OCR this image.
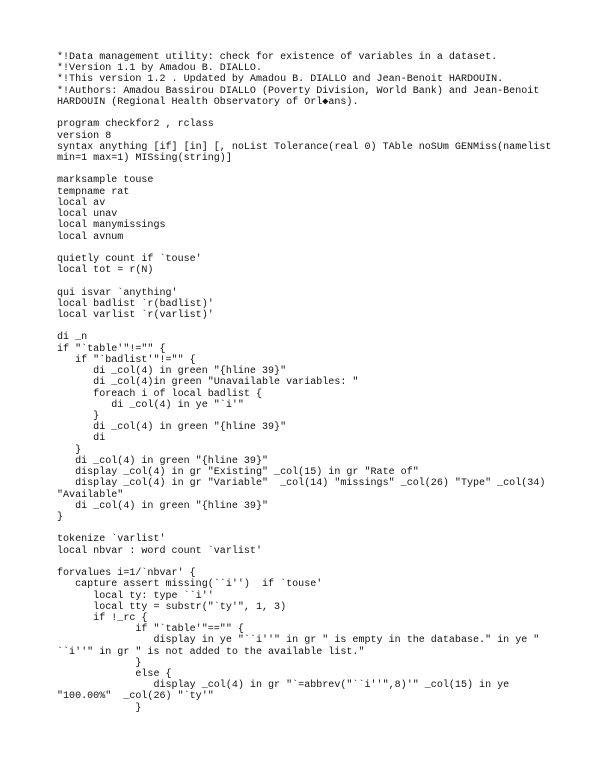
*!Data management utility: check for existence of variables in a dataset.
*!Version 1.1 by Amadou B. DIALLO.
*!This version 1.2 . Updated by Amadou B. DIALLO and Jean-Benoit HARDOUIN.
*!Authors: Amadou Bassirou DIALLO (Poverty Division, World Bank) and Jean-Benoit
HARDOUIN (Regional Health Observatory of Orl◆ans).
program checkfor2 , rclass
version 8
syntax anything [if] [in] [, noList Tolerance(real 0) TAble noSUm GENMiss(namelist
min=1 max=1) MISsing(string)]
marksample touse
tempname rat
local av
local unav
local manymissings
local avnum
quietly count if `touse'
local tot = r(N)
qui isvar `anything'
local badlist `r(badlist)'
local varlist `r(varlist)'
di _n
if "`table'"!="" {
if "`badlist'"!="" {
di _col(4) in green "{hline 39}"
di _col(4)in green "Unavailable variables: "
foreach i of local badlist {
di _col(4) in ye "`i'"
}
di _col(4) in green "{hline 39}"
di
}
di _col(4) in green "{hline 39}"
display _col(4) in gr "Existing" _col(15) in gr "Rate of"
display _col(4) in gr "Variable"  _col(14) "missings" _col(26) "Type" _col(34)
"Available"
di _col(4) in green "{hline 39}"
}
tokenize `varlist'
local nbvar : word count `varlist'
forvalues i=1/`nbvar' {
capture assert missing(``i'')  if `touse'
local ty: type ``i''
local tty = substr("`ty'", 1, 3)
if !_rc {
if "`table'"=="" {
display in ye "``i''" in gr " is empty in the database." in ye "
``i''" in gr " is not added to the available list."
}
else {
display _col(4) in gr "`=abbrev("``i''",8)'" _col(15) in ye
"100.00%"  _col(26) "`ty'"
}
